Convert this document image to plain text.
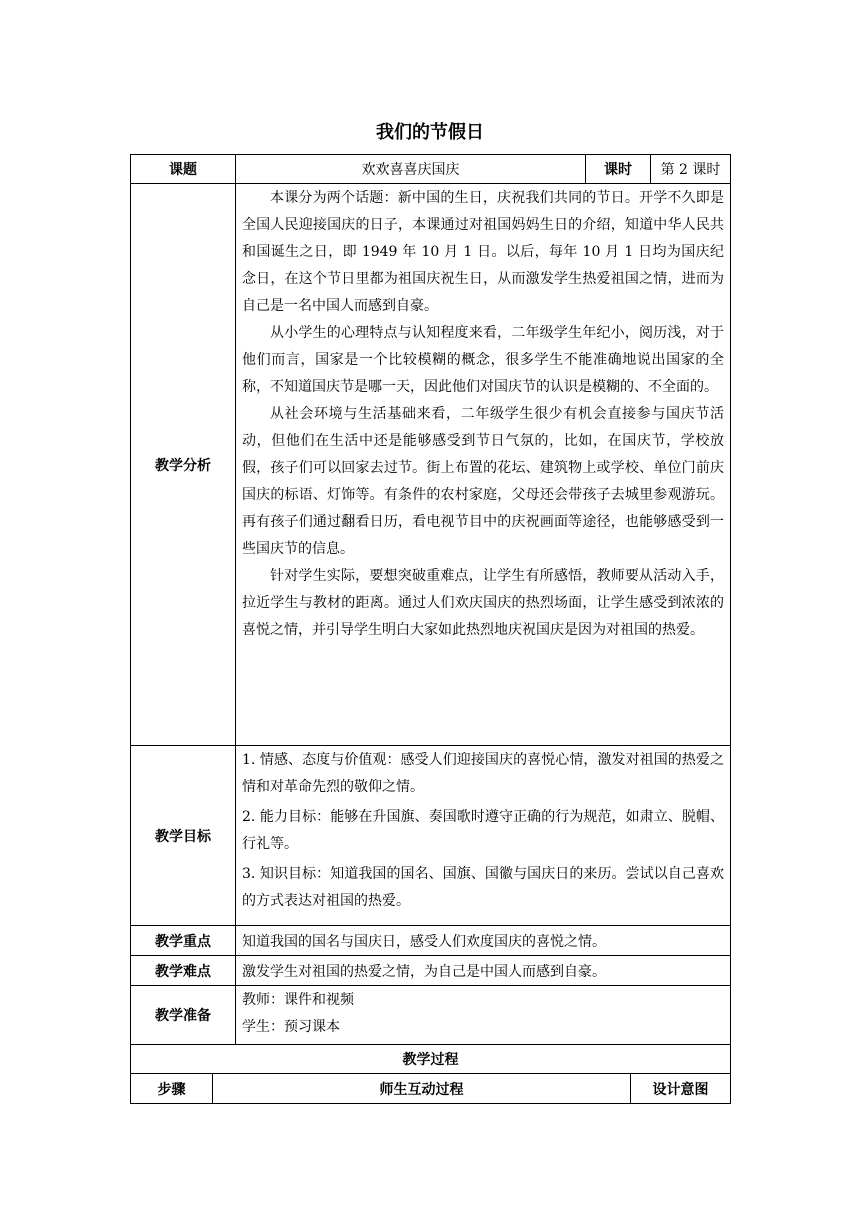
我们的节假日
课题	欢欢喜喜庆国庆	课时	第 2 课时
教学分析	本课分为两个话题：新中国的生日，庆祝我们共同的节日。开学不久即是全国人民迎接国庆的日子，本课通过对祖国妈妈生日的介绍，知道中华人民共和国诞生之日，即 1949 年 10 月 1 日。以后，每年 10 月 1 日均为国庆纪念日，在这个节日里都为祖国庆祝生日，从而激发学生热爱祖国之情，进而为自己是一名中国人而感到自豪。

从小学生的心理特点与认知程度来看，二年级学生年纪小，阅历浅，对于他们而言，国家是一个比较模糊的概念，很多学生不能准确地说出国家的全称，不知道国庆节是哪一天，因此他们对国庆节的认识是模糊的、不全面的。

从社会环境与生活基础来看，二年级学生很少有机会直接参与国庆节活动，但他们在生活中还是能够感受到节日气氛的，比如，在国庆节，学校放假，孩子们可以回家去过节。街上布置的花坛、建筑物上或学校、单位门前庆国庆的标语、灯饰等。有条件的农村家庭，父母还会带孩子去城里参观游玩。再有孩子们通过翻看日历，看电视节目中的庆祝画面等途径，也能够感受到一些国庆节的信息。

针对学生实际，要想突破重难点，让学生有所感悟，教师要从活动入手，拉近学生与教材的距离。通过人们欢庆国庆的热烈场面，让学生感受到浓浓的喜悦之情，并引导学生明白大家如此热烈地庆祝国庆是因为对祖国的热爱。		

教学目标	1. 情感、态度与价值观：感受人们迎接国庆的喜悦心情，激发对祖国的热爱之情和对革命先烈的敬仰之情。

2. 能力目标：能够在升国旗、奏国歌时遵守正确的行为规范，如肃立、脱帽、行礼等。

3. 知识目标：知道我国的国名、国旗、国徽与国庆日的来历。尝试以自己喜欢的方式表达对祖国的热爱。		

教学重点	知道我国的国名与国庆日，感受人们欢度国庆的喜悦之情。		
教学难点	激发学生对祖国的热爱之情，为自己是中国人而感到自豪。		
教学准备	教师：课件和视频

学生：预习课本		

教学过程
步骤	师生互动过程	设计意图
